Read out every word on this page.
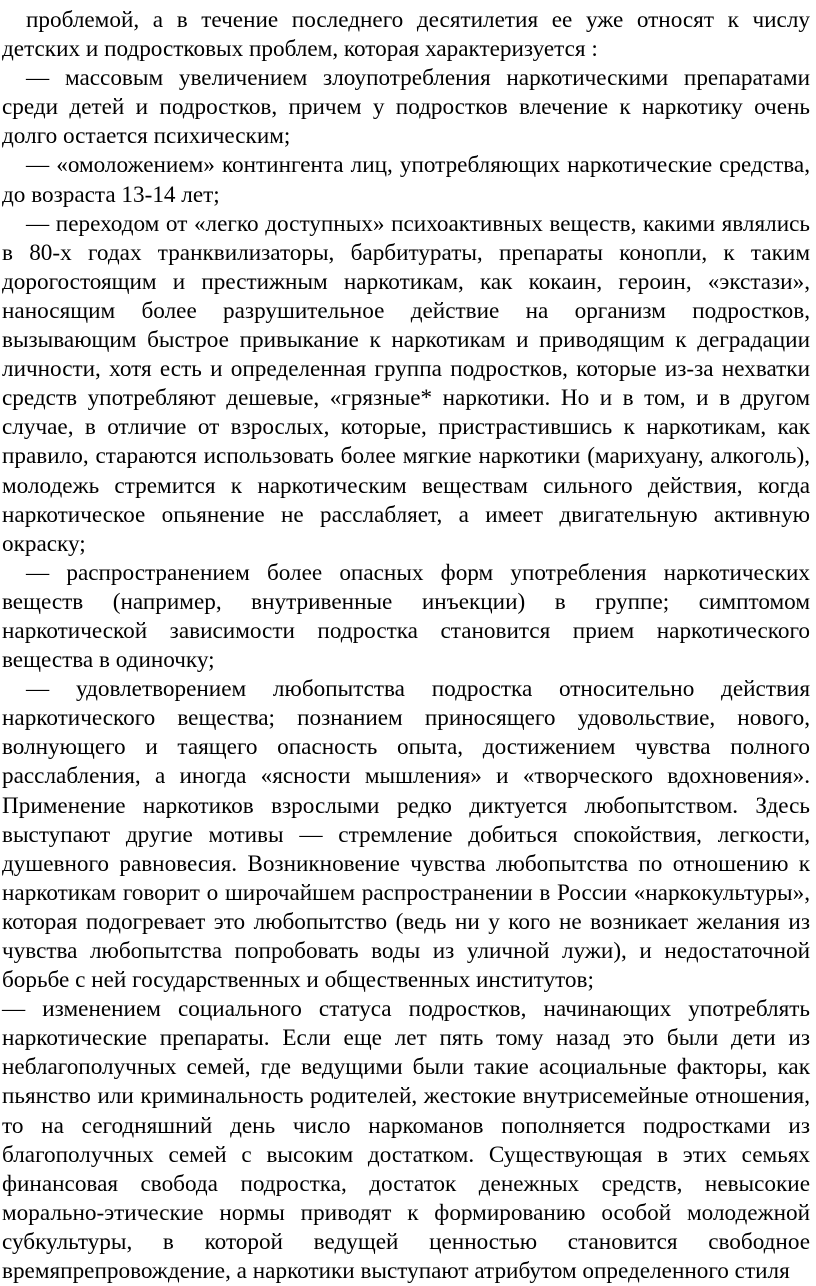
проблемой, а в течение последнего десятилетия ее уже относят к числу детских и подростковых проблем, которая характеризуется :

— массовым увеличением злоупотребления наркотическими препаратами среди детей и подростков, причем у подростков влечение к наркотику очень долго остается психическим;

— «омоложением» контингента лиц, употребляющих наркотические средства, до возраста 13-14 лет;

— переходом от «легко доступных» психоактивных веществ, какими являлись в 80-х годах транквилизаторы, барбитураты, препараты конопли, к таким дорогостоящим и престижным наркотикам, как кокаин, героин, «экстази», наносящим более разрушительное действие на организм подростков, вызывающим быстрое привыкание к наркотикам и приводящим к деградации личности, хотя есть и определенная группа подростков, которые из-за нехватки средств употребляют дешевые, «грязные* наркотики. Но и в том, и в другом случае, в отличие от взрослых, которые, пристрастившись к наркотикам, как правило, стараются использовать более мягкие наркотики (марихуану, алкоголь), молодежь стремится к наркотическим веществам сильного действия, когда наркотическое опьянение не расслабляет, а имеет двигательную активную окраску;

— распространением более опасных форм употребления наркотических веществ (например, внутривенные инъекции) в группе; симптомом наркотической зависимости подростка становится прием наркотического вещества в одиночку;

— удовлетворением любопытства подростка относительно действия наркотического вещества; познанием приносящего удовольствие, нового, волнующего и таящего опасность опыта, достижением чувства полного расслабления, а иногда «ясности мышления» и «творческого вдохновения». Применение наркотиков взрослыми редко диктуется любопытством. Здесь выступают другие мотивы — стремление добиться спокойствия, легкости, душевного равновесия. Возникновение чувства любопытства по отношению к наркотикам говорит о широчайшем распространении в России «наркокультуры», которая подогревает это любопытство (ведь ни у кого не возникает желания из чувства любопытства попробовать воды из уличной лужи), и недостаточной борьбе с ней государственных и общественных институтов;

— изменением социального статуса подростков, начинающих употреблять наркотические препараты. Если еще лет пять тому назад это были дети из неблагополучных семей, где ведущими были такие асоциальные факторы, как пьянство или криминальность родителей, жестокие внутрисемейные отношения, то на сегодняшний день число наркоманов пополняется подростками из благополучных семей с высоким достатком. Существующая в этих семьях финансовая свобода подростка, достаток денежных средств, невысокие морально-этические нормы приводят к формированию особой молодежной субкультуры, в которой ведущей ценностью становится свободное времяпрепровождение, а наркотики выступают атрибутом определенного стиля
